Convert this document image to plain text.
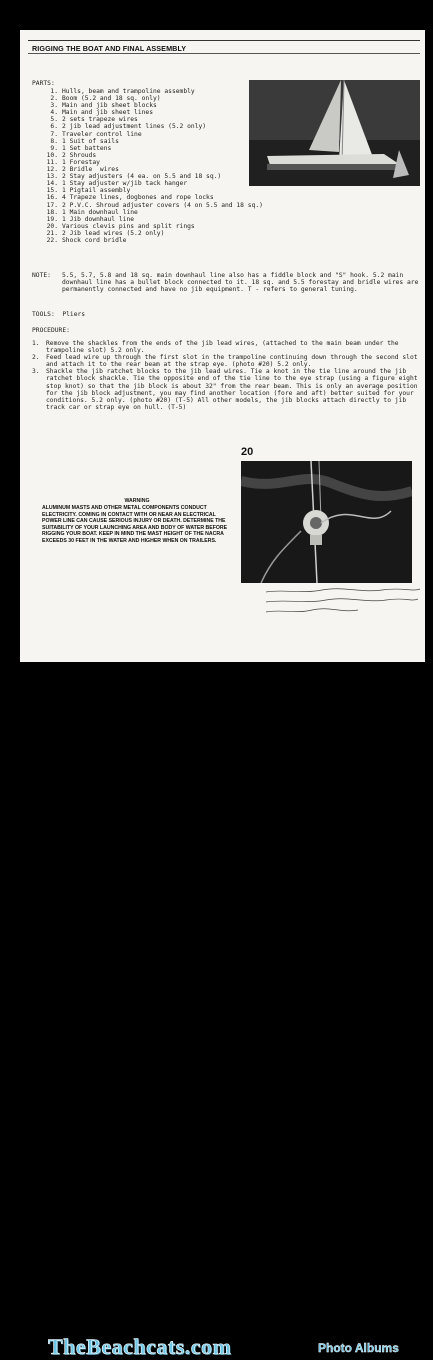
RIGGING THE BOAT AND FINAL ASSEMBLY
PARTS:
1. Hulls, beam and trampoline assembly
2. Boom (5.2 and 18 sq. only)
3. Main and jib sheet blocks
4. Main and jib sheet lines
5. 2 sets trapeze wires
6. 2 jib lead adjustment lines (5.2 only)
7. Traveler control line
8. 1 Suit of sails
9. 1 Set battens
10. 2 Shrouds
11. 1 Forestay
12. 2 Bridle  wires
13. 2 Stay adjusters (4 ea. on 5.5 and 18 sq.)
14. 1 Stay adjuster w/jib tack hanger
15. 1 Pigtail assembly
16. 4 Trapeze lines, dogbones and rope locks
17. 2 P.V.C. Shroud adjuster covers (4 on 5.5 and 18 sq.)
18. 1 Main downhaul line
19. 1 Jib downhaul line
20. Various clevis pins and split rings
21. 2 Jib lead wires (5.2 only)
22. Shock cord bridle
NOTE:	5.5, 5.7, 5.8 and 18 sq. main downhaul line also has a fiddle block and "S" hook. 5.2 main downhaul line has a bullet block connected to it. 18 sq. and 5.5 forestay and bridle wires are permanently connected and have no jib equipment. T - refers to general tuning.
TOOLS:  Pliers
PROCEDURE:
1.	Remove the shackles from the ends of the jib lead wires, (attached to the main beam under the trampoline slot) 5.2 only.
2.	Feed lead wire up through the first slot in the trampoline continuing down through the second slot and attach it to the rear beam at the strap eye. (photo #20) 5.2 only.
3.	Shackle the jib ratchet blocks to the jib lead wires. Tie a knot in the tie line around the jib ratchet block shackle. Tie the opposite end of the tie line to the eye strap (using a figure eight stop knot) so that the jib block is about 32" from the rear beam. This is only an average position for the jib block adjustment, you may find another location (fore and aft) better suited for your conditions. 5.2 only. (photo #20) (T-5) All other models, the jib blocks attach directly to jib track car or strap eye on hull. (T-5)
20
WARNING
ALUMINUM MASTS AND OTHER METAL COMPONENTS CONDUCT ELECTRICITY. COMING IN CONTACT WITH OR NEAR AN ELECTRICAL POWER LINE CAN CAUSE SERIOUS INJURY OR DEATH. DETERMINE THE SUITABILITY OF YOUR LAUNCHING AREA AND BODY OF WATER BEFORE RIGGING YOUR BOAT. KEEP IN MIND THE MAST HEIGHT OF THE NACRA EXCEEDS 30 FEET IN THE WATER AND HIGHER WHEN ON TRAILERS.
TheBeachcats.com	Photo Albums
